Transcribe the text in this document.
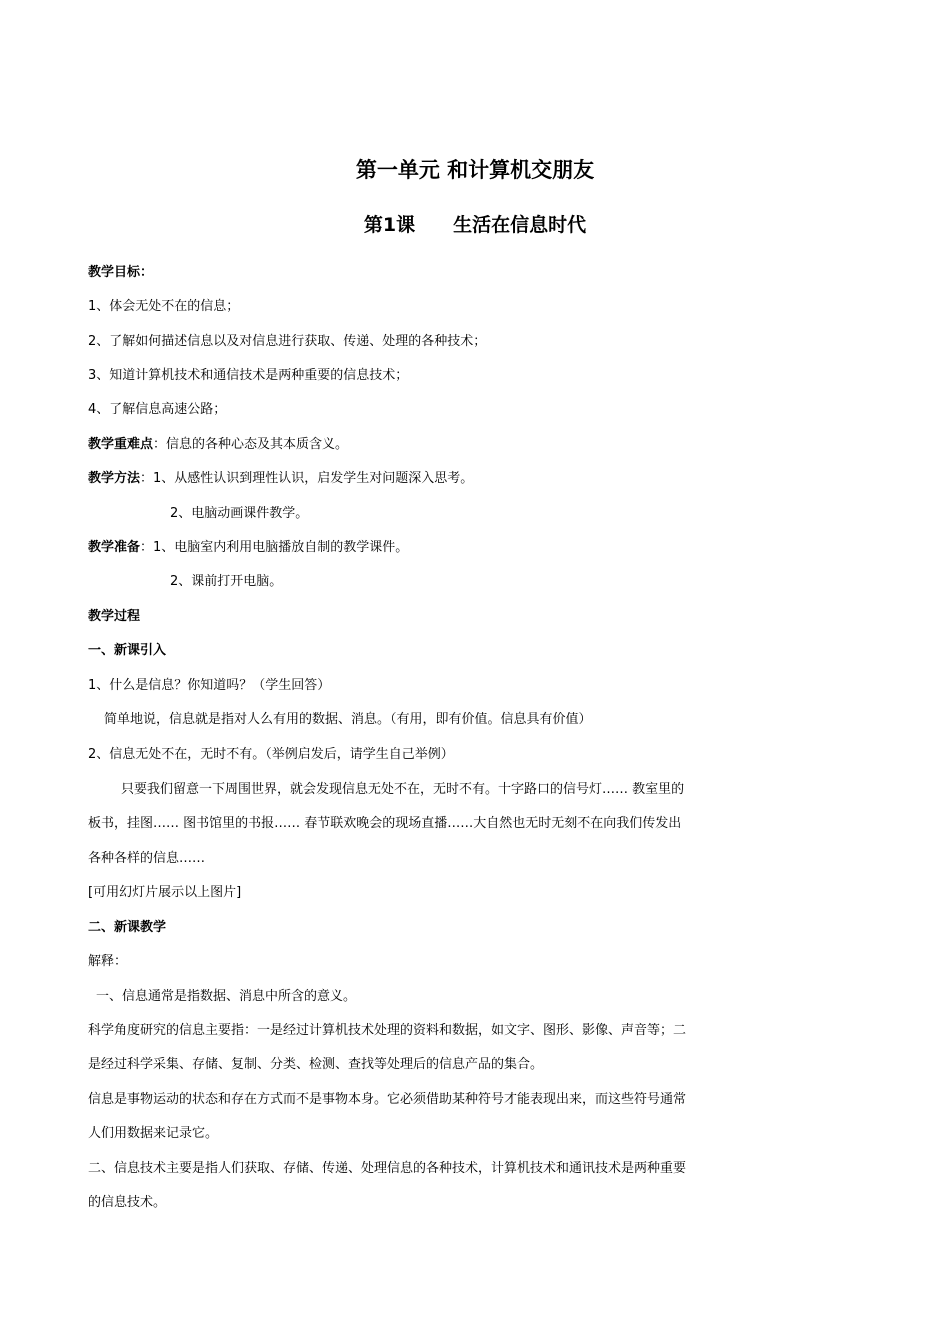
第一单元 和计算机交朋友
第1课 生活在信息时代
教学目标：
1、体会无处不在的信息；
2、了解如何描述信息以及对信息进行获取、传递、处理的各种技术；
3、知道计算机技术和通信技术是两种重要的信息技术；
4、了解信息高速公路；
教学重难点：信息的各种心态及其本质含义。
教学方法：1、从感性认识到理性认识，启发学生对问题深入思考。
2、电脑动画课件教学。
教学准备：1、电脑室内利用电脑播放自制的教学课件。
2、课前打开电脑。
教学过程
一、新课引入
1、什么是信息？你知道吗？（学生回答）
简单地说，信息就是指对人么有用的数据、消息。（有用，即有价值。信息具有价值）
2、信息无处不在，无时不有。（举例启发后，请学生自己举例）
只要我们留意一下周围世界，就会发现信息无处不在，无时不有。十字路口的信号灯…… 教室里的
板书，挂图…… 图书馆里的书报…… 春节联欢晚会的现场直播……大自然也无时无刻不在向我们传发出
各种各样的信息……
[可用幻灯片展示以上图片]
二、新课教学
解释：
一、信息通常是指数据、消息中所含的意义。
科学角度研究的信息主要指：一是经过计算机技术处理的资料和数据，如文字、图形、影像、声音等；二
是经过科学采集、存储、复制、分类、检测、查找等处理后的信息产品的集合。
信息是事物运动的状态和存在方式而不是事物本身。它必须借助某种符号才能表现出来，而这些符号通常
人们用数据来记录它。
二、信息技术主要是指人们获取、存储、传递、处理信息的各种技术，计算机技术和通讯技术是两种重要
的信息技术。
